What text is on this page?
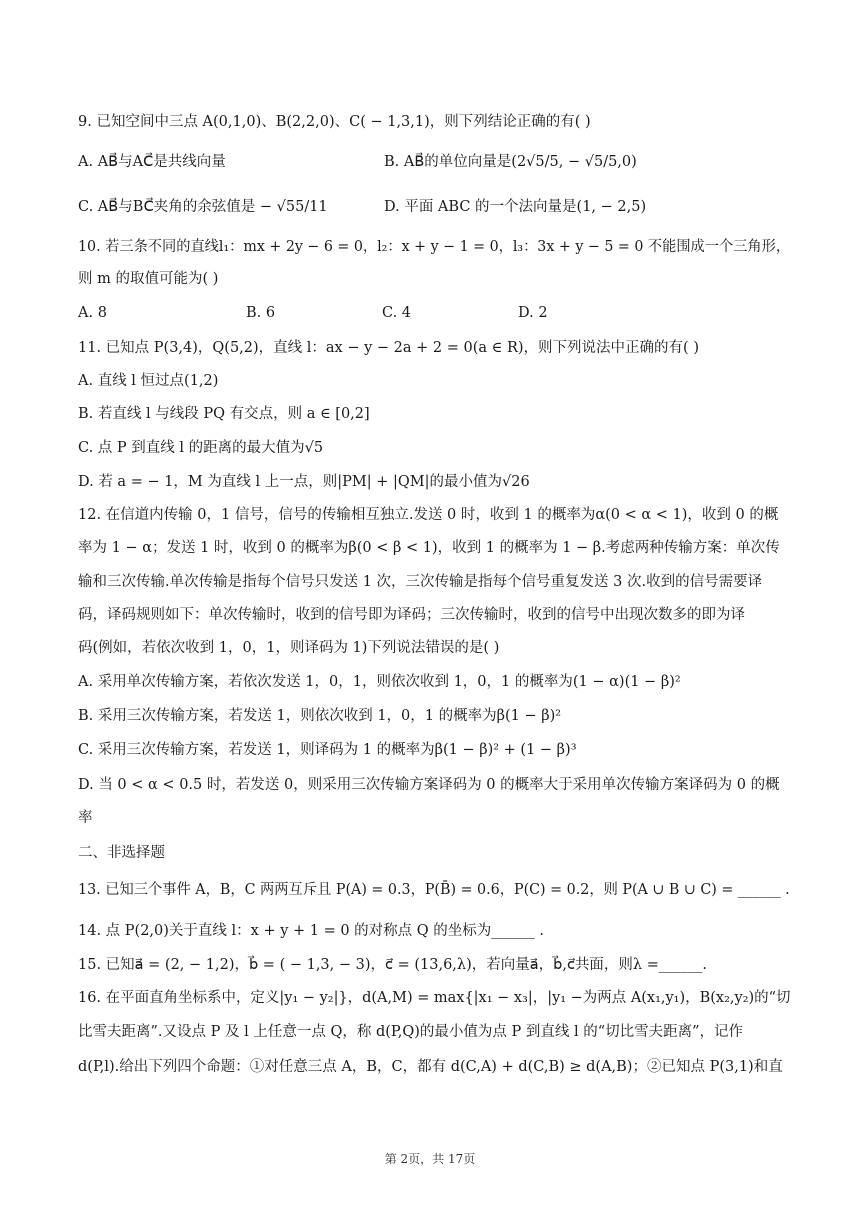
9. 已知空间中三点 A(0,1,0)、B(2,2,0)、C( − 1,3,1)，则下列结论正确的有( )
A. AB⃗与AC⃗是共线向量	B. AB⃗的单位向量是(2√5/5, − √5/5,0)
C. AB⃗与BC⃗夹角的余弦值是 − √55/11	D. 平面 ABC 的一个法向量是(1, − 2,5)
10. 若三条不同的直线l₁：mx + 2y − 6 = 0，l₂：x + y − 1 = 0，l₃：3x + y − 5 = 0 不能围成一个三角形，
则 m 的取值可能为( )
A. 8	B. 6	C. 4	D. 2
11. 已知点 P(3,4)，Q(5,2)，直线 l：ax − y − 2a + 2 = 0(a ∈ R)，则下列说法中正确的有( )
A. 直线 l 恒过点(1,2)
B. 若直线 l 与线段 PQ 有交点，则 a ∈ [0,2]
C. 点 P 到直线 l 的距离的最大值为√5
D. 若 a = − 1，M 为直线 l 上一点，则|PM| + |QM|的最小值为√26
12. 在信道内传输 0，1 信号，信号的传输相互独立.发送 0 时，收到 1 的概率为α(0 < α < 1)，收到 0 的概
率为 1 − α；发送 1 时，收到 0 的概率为β(0 < β < 1)，收到 1 的概率为 1 − β.考虑两种传输方案：单次传
输和三次传输.单次传输是指每个信号只发送 1 次，三次传输是指每个信号重复发送 3 次.收到的信号需要译
码，译码规则如下：单次传输时，收到的信号即为译码；三次传输时，收到的信号中出现次数多的即为译
码(例如，若依次收到 1，0，1，则译码为 1)下列说法错误的是( )
A. 采用单次传输方案，若依次发送 1，0，1，则依次收到 1，0，1 的概率为(1 − α)(1 − β)²
B. 采用三次传输方案，若发送 1，则依次收到 1，0，1 的概率为β(1 − β)²
C. 采用三次传输方案，若发送 1，则译码为 1 的概率为β(1 − β)² + (1 − β)³
D. 当 0 < α < 0.5 时，若发送 0，则采用三次传输方案译码为 0 的概率大于采用单次传输方案译码为 0 的概
率
二、非选择题
13. 已知三个事件 A，B，C 两两互斥且 P(A) = 0.3，P(B̄) = 0.6，P(C) = 0.2，则 P(A ∪ B ∪ C) = ______ .
14. 点 P(2,0)关于直线 l：x + y + 1 = 0 的对称点 Q 的坐标为______ .
15. 已知a⃗ = (2, − 1,2)，b⃗ = ( − 1,3, − 3)，c⃗ = (13,6,λ)，若向量a⃗，b⃗,c⃗共面，则λ =______.
16. 在平面直角坐标系中，定义|y₁ − y₂|}，d(A,M) = max{|x₁ − x₃|，|y₁ −为两点 A(x₁,y₁)，B(x₂,y₂)的“切
比雪夫距离”.又设点 P 及 l 上任意一点 Q，称 d(P,Q)的最小值为点 P 到直线 l 的“切比雪夫距离”，记作
d(P,l).给出下列四个命题：①对任意三点 A，B，C，都有 d(C,A) + d(C,B) ≥ d(A,B)；②已知点 P(3,1)和直
第 2页，共 17页
